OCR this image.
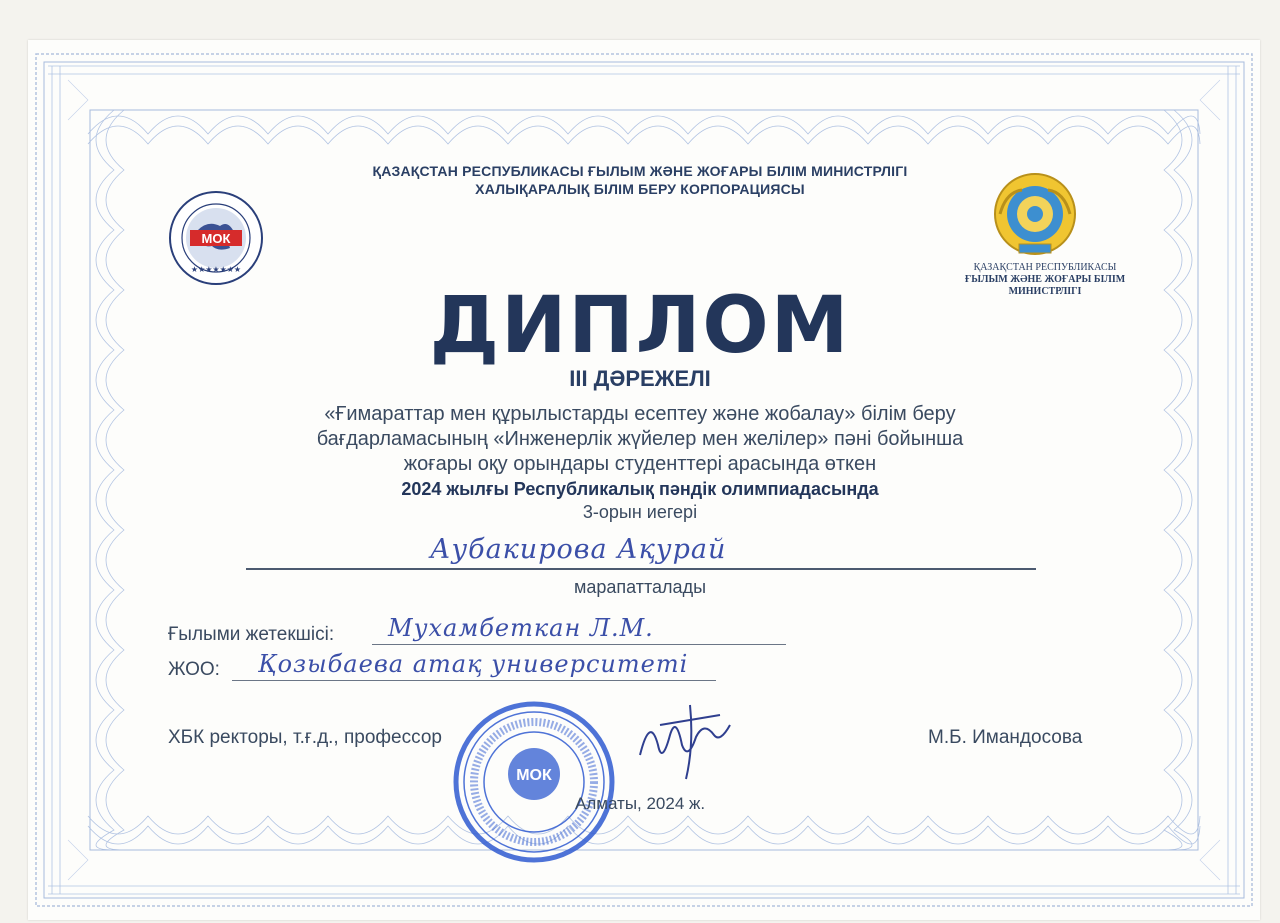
МОК
★★★★★★★	ҚАЗАҚСТАН РЕСПУБЛИКАСЫ
ҒЫЛЫМ ЖӘНЕ ЖОҒАРЫ БІЛІМ
МИНИСТРЛІГІ
ҚАЗАҚСТАН РЕСПУБЛИКАСЫ ҒЫЛЫМ ЖӘНЕ ЖОҒАРЫ БІЛІМ МИНИСТРЛІГІ
ХАЛЫҚАРАЛЫҚ БІЛІМ БЕРУ КОРПОРАЦИЯСЫ
ДИПЛОМ
ІІІ ДӘРЕЖЕЛІ
«Ғимараттар мен құрылыстарды есептеу және жобалау» білім беру
бағдарламасының «Инженерлік жүйелер мен желілер» пәні бойынша
жоғары оқу орындары студенттері арасында өткен
2024 жылғы Республикалық пәндік олимпиадасында
3-орын иегері
Аубакирова Ақурай
марапатталады
Ғылыми жетекшісі: Мухамбеткан Л.М.
ЖОО: Қозыбаева атақ университеті
МОК
ХБК ректоры, т.ғ.д., профессор	М.Б. Имандосова
Алматы, 2024 ж.
